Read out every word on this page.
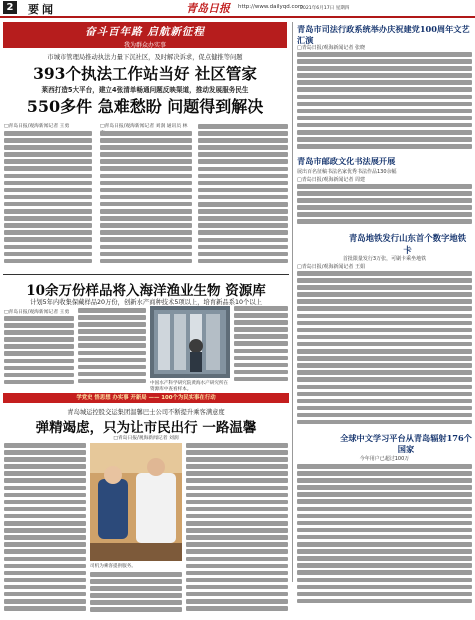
2	要闻	青岛日报 http://www.dailyqd.com
2021年6月17日 星期四
奋斗百年路 启航新征程
我为群众办实事
市城市管理局推动执法力量下沉社区，及时解决诉求，促点健推等问题
393个执法工作站当好 社区管家
莱西打造5大平台，建立4张清单畅通问题反映渠道，推动发展服务民生
550多件 急难愁盼 问题得到解决
□青岛日报/观海新闻记者 王勇	□青岛日报/观海新闻记者 刘润 通讯员 林
青岛市司法行政系统举办庆祝建党100周年文艺汇演
□青岛日报/观海新闻记者 张晓
青岛市邮政文化书法展开展
展出百名征稿书法名家优秀书法作品130余幅
□青岛日报/观海新闻记者 周建
青岛地铁发行山东首个数字地铁卡
首批限量发行3万张，可刷卡乘坐地铁
□青岛日报/观海新闻记者 王娟
全球中文学习平台从青岛辐射176个国家
今年用户已超过100万
10余万份样品将入海洋渔业生物 资源库
计划5年内收集保藏样品20万份，创新水产商种技术5项以上，培育新品系10个以上
□青岛日报/观海新闻记者 王勇
中国水产科学研究院黄海水产研究所在资源库中查看样本。
学党史 悟思想 办实事 开新局 —— 100个为民实事在行动
青岛城运控股交运集团温馨巴士公司不断提升乘客满意度
弹精竭虑，只为让市民出行 一路温馨
□青岛日报/观海新闻记者 刘润
司机为乘客提供服务。
